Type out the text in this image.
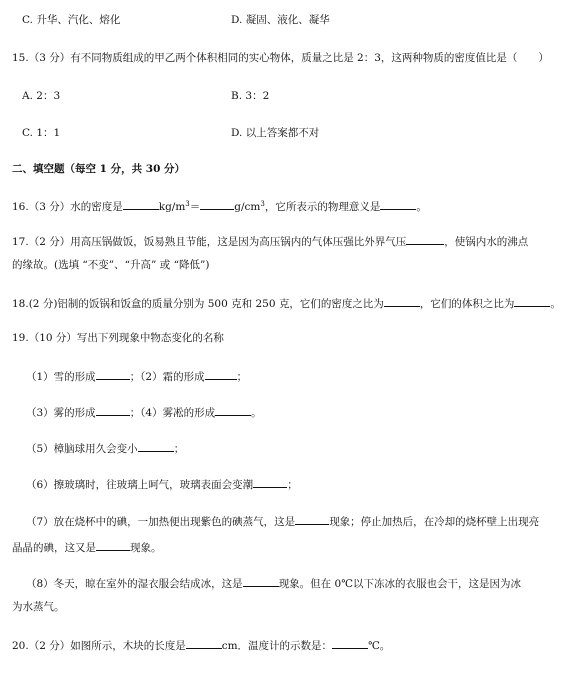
C. 升华、汽化、熔化	D. 凝固、液化、凝华
15.（3 分）有不同物质组成的甲乙两个体积相同的实心物体，质量之比是 2：3，这两种物质的密度值比是（　　）
A. 2：3	B. 3：2
C. 1：1	D. 以上答案都不对
二、填空题（每空 1 分，共 30 分）
16.（3 分）水的密度是	$kg/m^3=$	$g/cm^3$，它所表示的物理意义是	。
17.（2 分）用高压锅做饭，饭易熟且节能，这是因为高压锅内的气体压强比外界气压	，使锅内水的沸点
的缘故。(选填 “不变”、“升高” 或 “降低”)
18.(2 分)铝制的饭锅和饭盒的质量分别为 500 克和 250 克，它们的密度之比为	，它们的体积之比为	。
19.（10 分）写出下列现象中物态变化的名称
（1）雪的形成	；（2）霜的形成	；
（3）雾的形成	；（4）雾凇的形成	。
（5）樟脑球用久会变小	；
（6）擦玻璃时，往玻璃上呵气，玻璃表面会变潮	；
（7）放在烧杯中的碘，一加热便出现紫色的碘蒸气，这是	现象；停止加热后，在冷却的烧杯壁上出现亮
晶晶的碘，这又是	现象。
（8）冬天，晾在室外的湿衣服会结成冰，这是	现象。但在 0℃以下冻冰的衣服也会干，这是因为冰
为水蒸气。
20.（2 分）如图所示，木块的长度是	cm．温度计的示数是：	℃。
